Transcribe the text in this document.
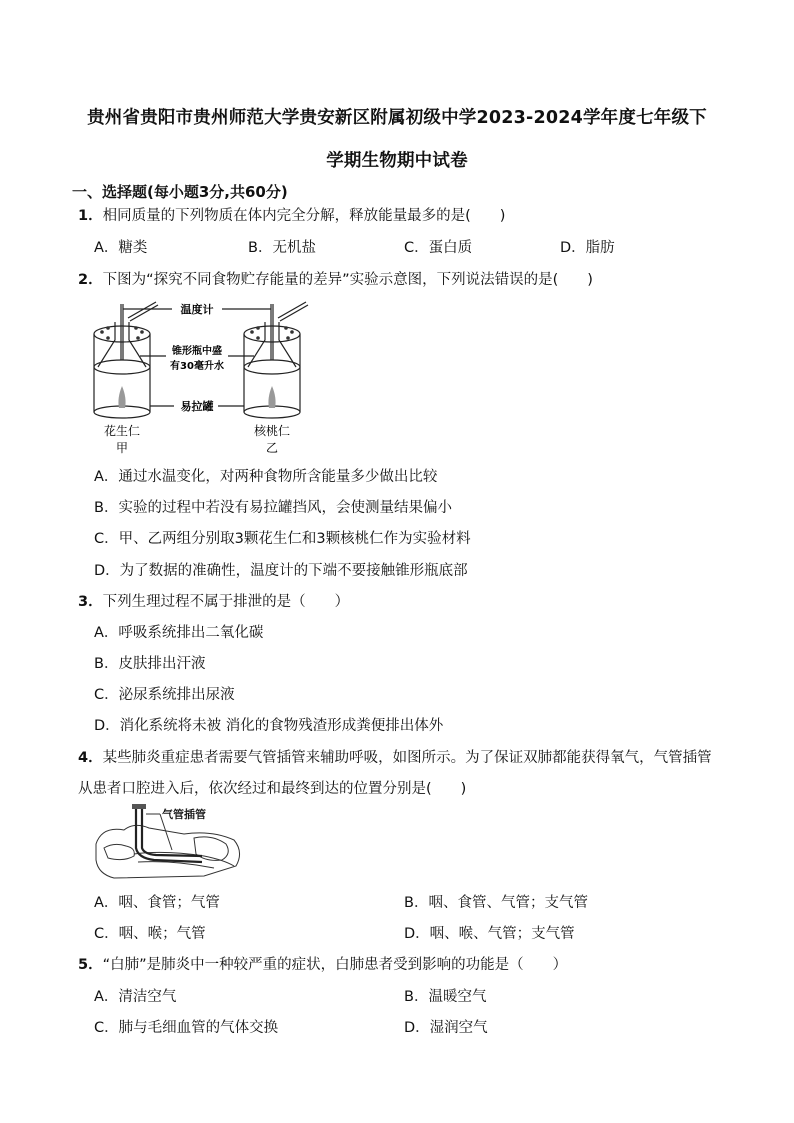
贵州省贵阳市贵州师范大学贵安新区附属初级中学2023-2024学年度七年级下
学期生物期中试卷
一、选择题(每小题3分,共60分)
1．相同质量的下列物质在体内完全分解，释放能量最多的是(　　)
A．糖类	B．无机盐	C．蛋白质	D．脂肪
2．下图为“探究不同食物贮存能量的差异”实验示意图，下列说法错误的是(　　)
温度计
锥形瓶中盛
有30毫升水
易拉罐
花生仁
甲
核桃仁
乙
A．通过水温变化，对两种食物所含能量多少做出比较
B．实验的过程中若没有易拉罐挡风，会使测量结果偏小
C．甲、乙两组分别取3颗花生仁和3颗核桃仁作为实验材料
D．为了数据的准确性，温度计的下端不要接触锥形瓶底部
3．下列生理过程不属于排泄的是（　　）
A．呼吸系统排出二氧化碳
B．皮肤排出汗液
C．泌尿系统排出尿液
D．消化系统将未被 消化的食物残渣形成粪便排出体外
4．某些肺炎重症患者需要气管插管来辅助呼吸，如图所示。为了保证双肺都能获得氧气，气管插管
从患者口腔进入后，依次经过和最终到达的位置分别是(　　)
气管插管
A．咽、食管；气管	B．咽、食管、气管；支气管
C．咽、喉；气管	D．咽、喉、气管；支气管
5．“白肺”是肺炎中一种较严重的症状，白肺患者受到影响的功能是（　　）
A．清洁空气	B．温暖空气
C．肺与毛细血管的气体交换	D．湿润空气
